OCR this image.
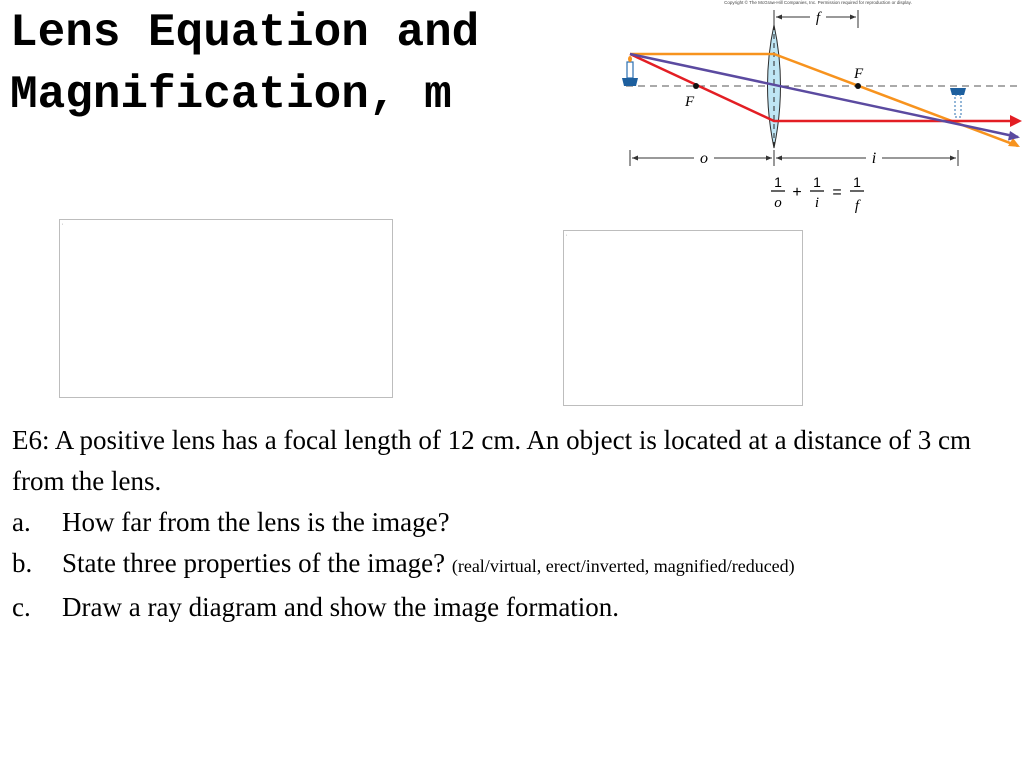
Lens Equation and
Magnification, m
Copyright © The McGraw-Hill Companies, Inc. Permission required for reproduction or display.
f
F
F
o	i
1
o
+
1
i
=
1
f
▪
▪

E6: A positive lens has a focal length of 12 cm. An object is located at a distance of 3 cm from the lens.

a.	How far from the lens is the image?
b.	State three properties of the image? (real/virtual, erect/inverted, magnified/reduced)
c.	Draw a ray diagram and show the image formation.
